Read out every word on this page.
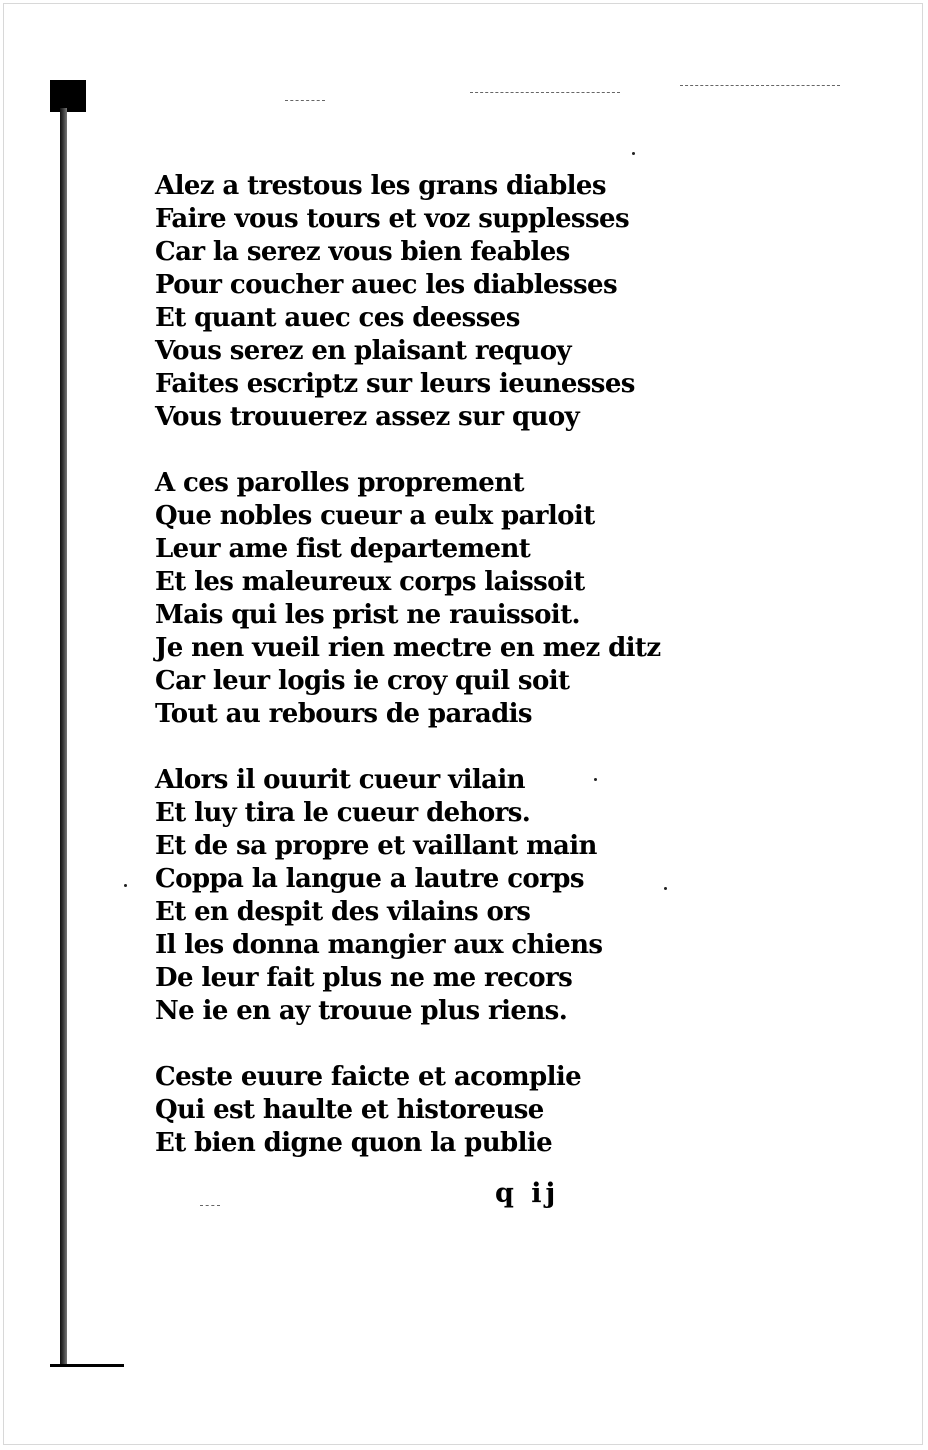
Alez a trestous les grans diables
Faire vous tours et voz supplesses
Car la serez vous bien feables
Pour coucher auec les diablesses
Et quant auec ces deesses
Vous serez en plaisant requoy
Faites escriptz sur leurs ieunesses
Vous trouuerez assez sur quoy
A ces parolles proprement
Que nobles cueur a eulx parloit
Leur ame fist departement
Et les maleureux corps laissoit
Mais qui les prist ne rauissoit.
Je nen vueil rien mectre en mez ditz
Car leur logis ie croy quil soit
Tout au rebours de paradis
Alors il ouurit cueur vilain
Et luy tira le cueur dehors.
Et de sa propre et vaillant main
Coppa la langue a lautre corps
Et en despit des vilains ors
Il les donna mangier aux chiens
De leur fait plus ne me recors
Ne ie en ay trouue plus riens.
Ceste euure faicte et acomplie
Qui est haulte et historeuse
Et bien digne quon la publie
q ij
